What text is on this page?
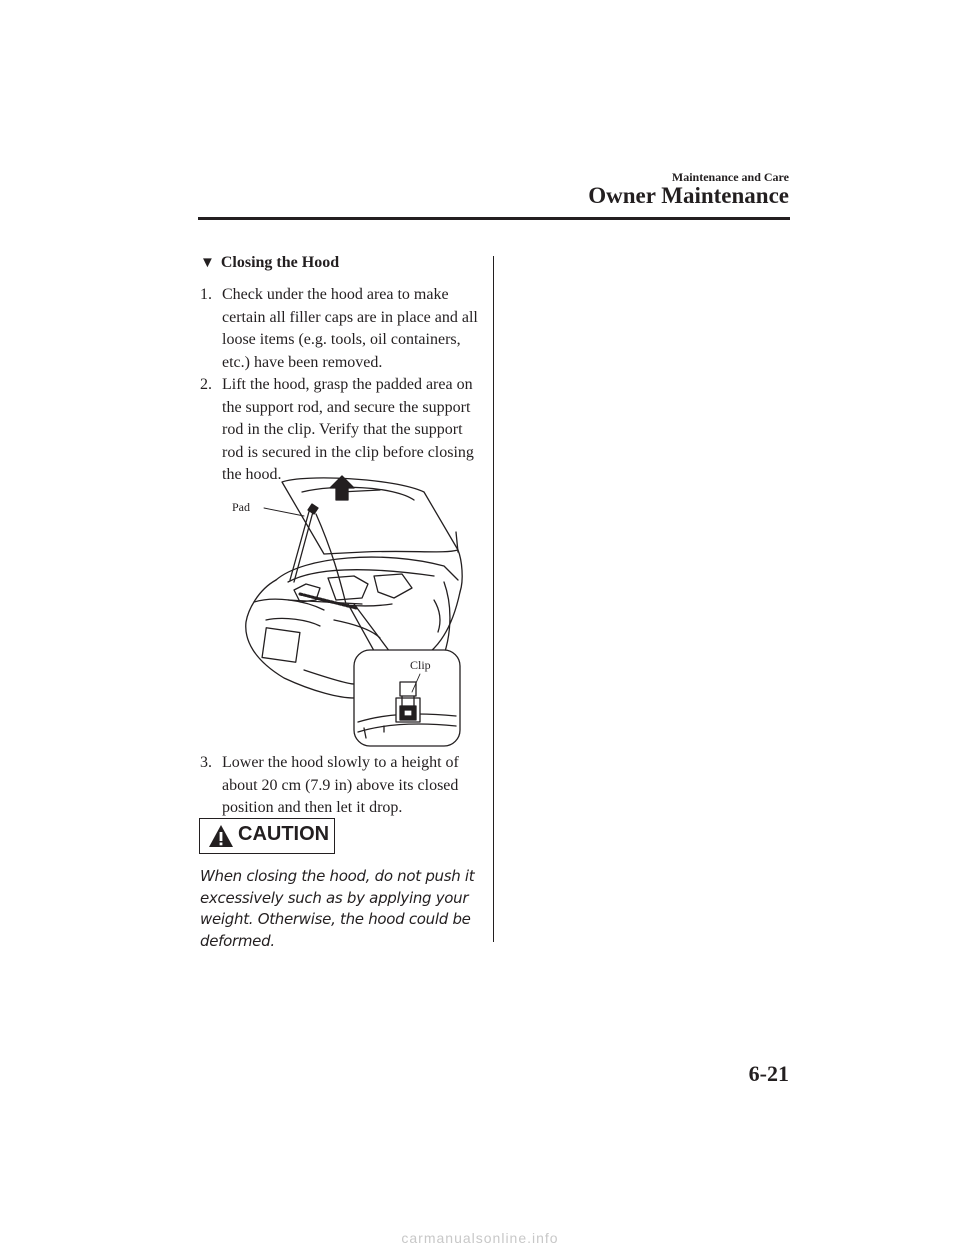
Maintenance and Care
Owner Maintenance
▼ Closing the Hood
1. Check under the hood area to make certain all filler caps are in place and all loose items (e.g. tools, oil containers, etc.) have been removed.
2. Lift the hood, grasp the padded area on the support rod, and secure the support rod in the clip. Verify that the support rod is secured in the clip before closing the hood.
Pad
Clip
3. Lower the hood slowly to a height of about 20 cm (7.9 in) above its closed position and then let it drop.
CAUTION
When closing the hood, do not push it excessively such as by applying your weight. Otherwise, the hood could be deformed.
6-21
carmanualsonline.info
